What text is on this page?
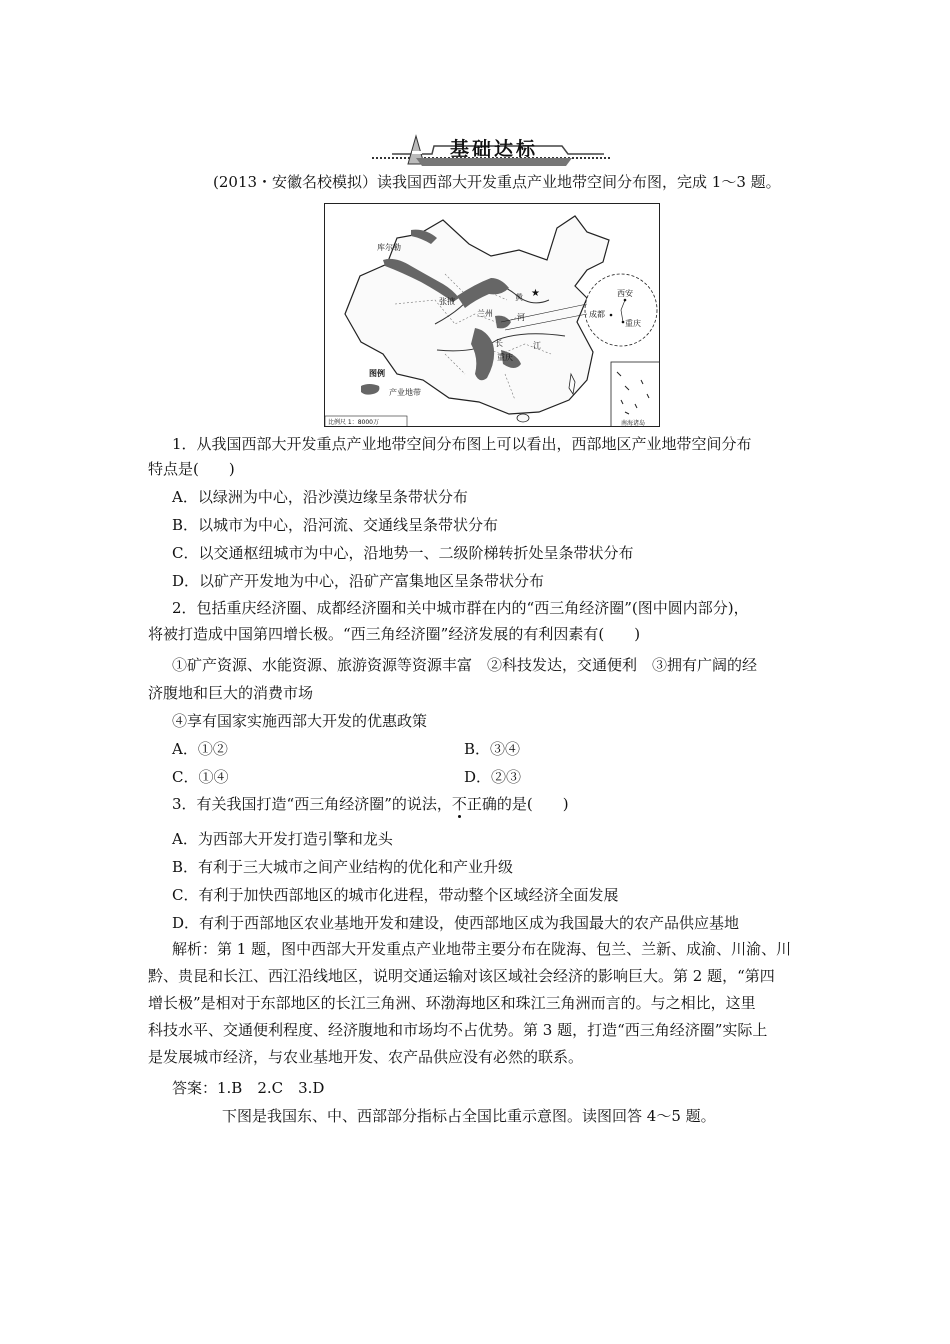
基础达标
(2013・安徽名校模拟）读我国西部大开发重点产业地带空间分布图，完成 1～3 题。
★
库尔勒
张掖	黄
河
兰州
长	江
重庆
西安
成都
重庆
图例
产业地带
比例尺 1：8000万	南海诸岛
1．从我国西部大开发重点产业地带空间分布图上可以看出，西部地区产业地带空间分布
特点是(　　)
A．以绿洲为中心，沿沙漠边缘呈条带状分布
B．以城市为中心，沿河流、交通线呈条带状分布
C．以交通枢纽城市为中心，沿地势一、二级阶梯转折处呈条带状分布
D．以矿产开发地为中心，沿矿产富集地区呈条带状分布
2．包括重庆经济圈、成都经济圈和关中城市群在内的“西三角经济圈”(图中圆内部分)，
将被打造成中国第四增长极。“西三角经济圈”经济发展的有利因素有(　　)
①矿产资源、水能资源、旅游资源等资源丰富　②科技发达，交通便利　③拥有广阔的经
济腹地和巨大的消费市场
④享有国家实施西部大开发的优惠政策
A．①②	B．③④
C．①④	D．②③
3．有关我国打造“西三角经济圈”的说法，不正确的是(　　)
A．为西部大开发打造引擎和龙头
B．有利于三大城市之间产业结构的优化和产业升级
C．有利于加快西部地区的城市化进程，带动整个区域经济全面发展
D．有利于西部地区农业基地开发和建设，使西部地区成为我国最大的农产品供应基地
解析：第 1 题，图中西部大开发重点产业地带主要分布在陇海、包兰、兰新、成渝、川渝、川
黔、贵昆和长江、西江沿线地区，说明交通运输对该区域社会经济的影响巨大。第 2 题，“第四
增长极”是相对于东部地区的长江三角洲、环渤海地区和珠江三角洲而言的。与之相比，这里
科技水平、交通便利程度、经济腹地和市场均不占优势。第 3 题，打造“西三角经济圈”实际上
是发展城市经济，与农业基地开发、农产品供应没有必然的联系。
答案：1.B　2.C　3.D
下图是我国东、中、西部部分指标占全国比重示意图。读图回答 4～5 题。
